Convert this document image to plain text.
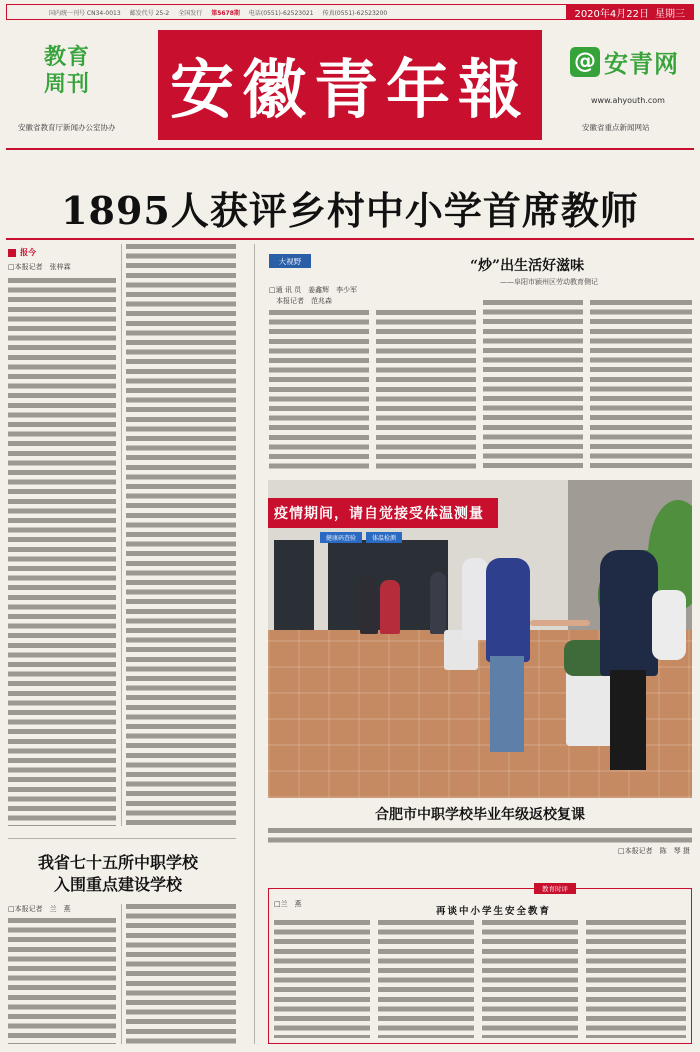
国内统一刊号 CN34-0013 邮发代号 25-2 全国发行 第5678期 电话(0551)-62523021 传真(0551)-62523200	2020年4月22日 星期三
教育
周刊
安徽省教育厅新闻办公室协办 安徽青年報 @ 安青网
www.ahyouth.com
安徽省重点新闻网站
1895人获评乡村中小学首席教师
报今
□本报记者　张梓霖
我省七十五所中职学校
入围重点建设学校
□本报记者　兰　燕
大视野	“炒”出生活好滋味
——阜阳市颍州区劳动教育侧记
□通 讯 员　姜鑫辉　李少军
　本报记者　范兆森
疫情期间，请自觉接受体温测量
健康码查验	体温检测
合肥市中职学校毕业年级返校复课
□本报记者　陈　琴 摄
教育时评
□兰　燕
再谈中小学生安全教育
